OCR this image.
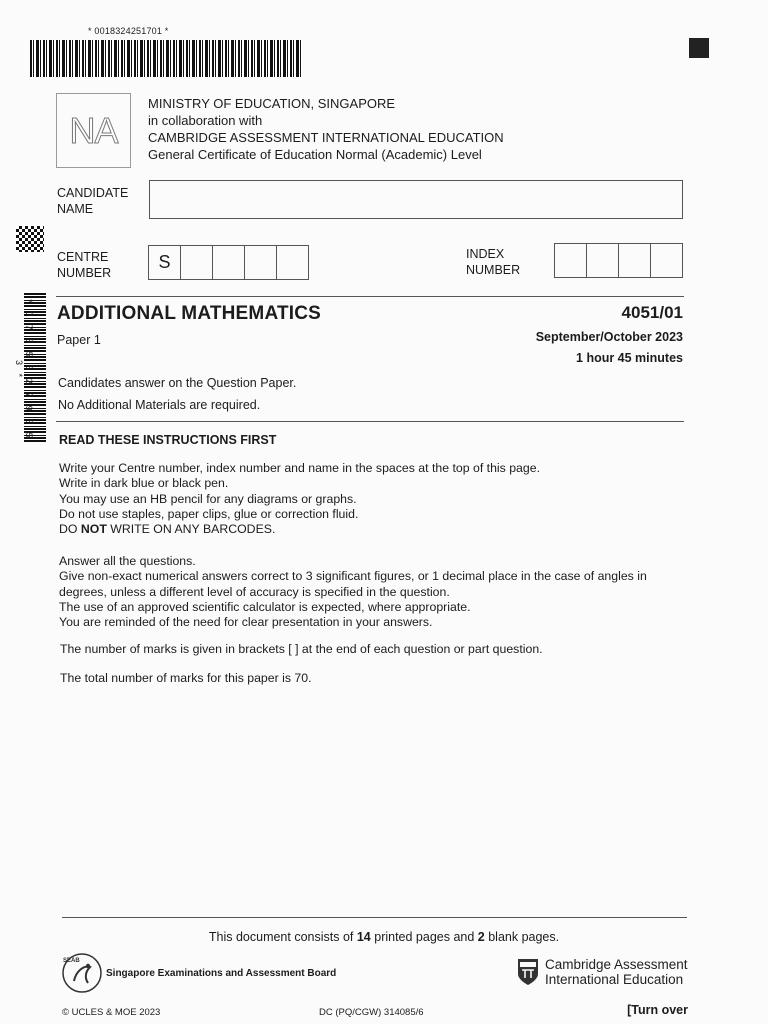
* 0018324251701 *
NA
MINISTRY OF EDUCATION, SINGAPORE
in collaboration with
CAMBRIDGE ASSESSMENT INTERNATIONAL EDUCATION
General Certificate of Education Normal (Academic) Level
CANDIDATE
NAME
CENTRE
NUMBER
S	INDEX
NUMBER
* 0 7 5 5 5 2 7 9 5 5 3 *
ADDITIONAL MATHEMATICS	4051/01
Paper 1	September/October 2023
1 hour 45 minutes
Candidates answer on the Question Paper.
No Additional Materials are required.
READ THESE INSTRUCTIONS FIRST

Write your Centre number, index number and name in the spaces at the top of this page.

Write in dark blue or black pen.

You may use an HB pencil for any diagrams or graphs.

Do not use staples, paper clips, glue or correction fluid.

DO NOT WRITE ON ANY BARCODES.

Answer all the questions.

Give non-exact numerical answers correct to 3 significant figures, or 1 decimal place in the case of angles in degrees, unless a different level of accuracy is specified in the question.

The use of an approved scientific calculator is expected, where appropriate.

You are reminded of the need for clear presentation in your answers.

The number of marks is given in brackets [ ] at the end of each question or part question.
The total number of marks for this paper is 70.
This document consists of 14 printed pages and 2 blank pages.
SEAB
Singapore Examinations and Assessment Board
Cambridge Assessment
International Education
© UCLES & MOE 2023	DC (PQ/CGW) 314085/6	[Turn over
